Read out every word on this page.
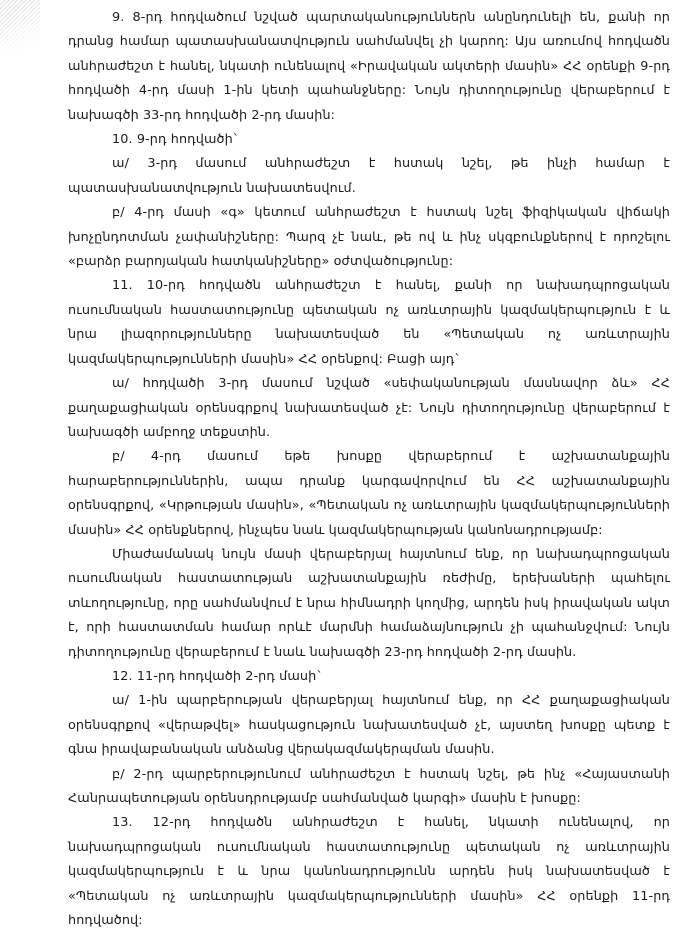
9. 8-րդ հոդվածում նշված պարտականություններն անընդունելի են, քանի որ դրանց համար պատասխանատվություն սահմանվել չի կարող: Այս առումով հոդվածն անհրաժեշտ է հանել, նկատի ունենալով «Իրավական ակտերի մասին» ՀՀ օրենքի 9-րդ հոդվածի 4-րդ մասի 1-ին կետի պահանջները: Նույն դիտողությունը վերաբերում է նախագծի 33-րդ հոդվածի 2-րդ մասին:

10. 9-րդ հոդվածի`

ա/ 3-րդ մասում անհրաժեշտ է հստակ նշել, թե ինչի համար է պատասխանատվություն նախատեսվում.

բ/ 4-րդ մասի «գ» կետում անհրաժեշտ է հստակ նշել ֆիզիկական վիճակի խոչընդոտման չափանիշները: Պարզ չէ նաև, թե ով և ինչ սկզբունքներով է որոշելու «բարձր բարոյական հատկանիշները» օժտվածությունը:

11. 10-րդ հոդվածն անհրաժեշտ է հանել, քանի որ նախադպրոցական ուսումնական հաստատությունը պետական ոչ առևտրային կազմակերպություն է և նրա լիազորությունները նախատեսված են «Պետական ոչ առևտրային կազմակերպությունների մասին» ՀՀ օրենքով: Բացի այդ`

ա/ հոդվածի 3-րդ մասում նշված «սեփականության մասնավոր ձև» ՀՀ քաղաքացիական օրենսգրքով նախատեսված չէ: Նույն դիտողությունը վերաբերում է նախագծի ամբողջ տեքստին.

բ/ 4-րդ մասում եթե խոսքը վերաբերում է աշխատանքային հարաբերություններին, ապա դրանք կարգավորվում են ՀՀ աշխատանքային օրենսգրքով, «Կրթության մասին», «Պետական ոչ առևտրային կազմակերպությունների մասին» ՀՀ օրենքներով, ինչպես նաև կազմակերպության կանոնադրությամբ:

Միաժամանակ նույն մասի վերաբերյալ հայտնում ենք, որ նախադպրոցական ուսումնական հաստատության աշխատանքային ռեժիմը, երեխաների պահելու տևողությունը, որը սահմանվում է նրա հիմնադրի կողմից, արդեն իսկ իրավական ակտ է, որի հաստատման համար որևէ մարմնի համաձայնություն չի պահանջվում: Նույն դիտողությունը վերաբերում է նաև նախագծի 23-րդ հոդվածի 2-րդ մասին.

12. 11-րդ հոդվածի 2-րդ մասի`

ա/ 1-ին պարբերության վերաբերյալ հայտնում ենք, որ ՀՀ քաղաքացիական օրենսգրքով «վերաթվել» հասկացություն նախատեսված չէ, այստեղ խոսքը պետք է գնա իրավաբանական անձանց վերակազմակերպման մասին.

բ/ 2-րդ պարբերությունում անհրաժեշտ է հստակ նշել, թե ինչ «Հայաստանի Հանրապետության օրենսդրությամբ սահմանված կարգի» մասին է խոսքը:

13. 12-րդ հոդվածն անհրաժեշտ է հանել, նկատի ունենալով, որ նախադպրոցական ուսումնական հաստատությունը պետական ոչ առևտրային կազմակերպություն է և նրա կանոնադրությունն արդեն իսկ նախատեսված է «Պետական ոչ առևտրային կազմակերպությունների մասին» ՀՀ օրենքի 11-րդ հոդվածով:
